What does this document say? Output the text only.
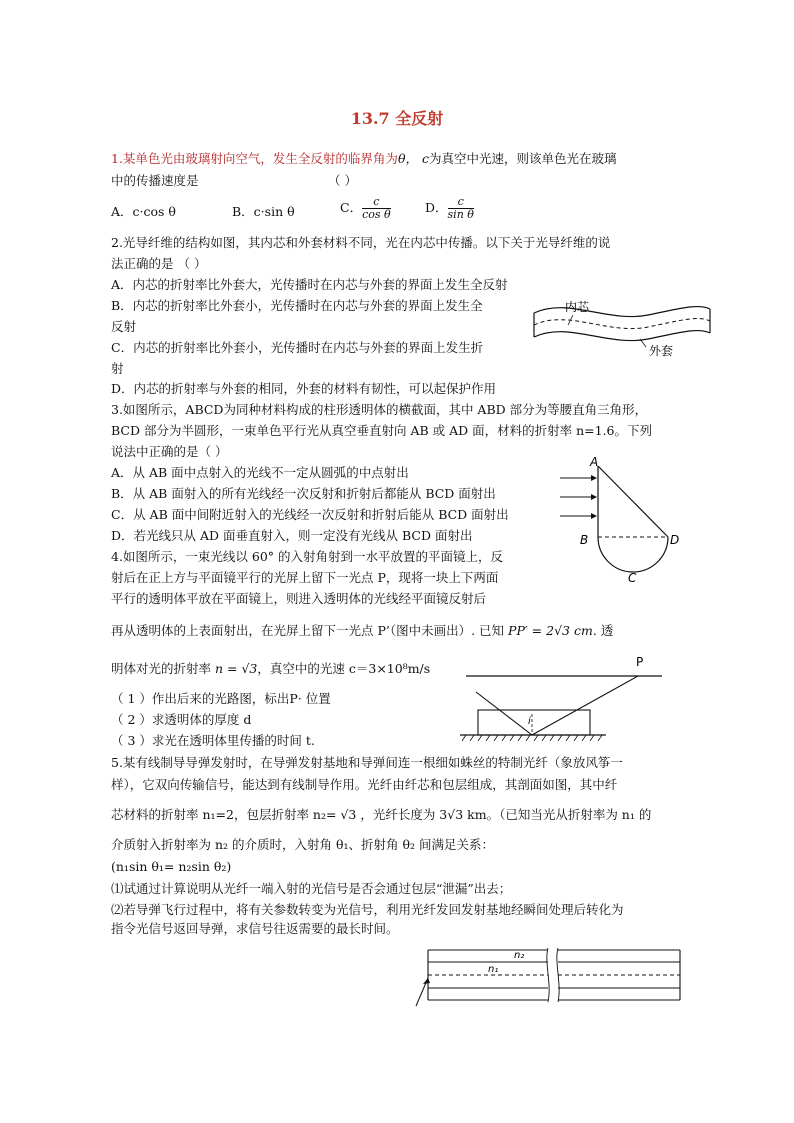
13.7 全反射
1.某单色光由玻璃射向空气，发生全反射的临界角为θ， c为真空中光速，则该单色光在玻璃
中的传播速度是	（ ）
A．c·cos θ	B．c·sin θ	C． $\frac{c}{\text{cos θ}}$	D． $\frac{c}{\text{sin θ}}$
2.光导纤维的结构如图，其内芯和外套材料不同，光在内芯中传播。以下关于光导纤维的说
法正确的是 （ ）
A．内芯的折射率比外套大，光传播时在内芯与外套的界面上发生全反射
B．内芯的折射率比外套小，光传播时在内芯与外套的界面上发生全
反射
C．内芯的折射率比外套小，光传播时在内芯与外套的界面上发生折
射
D．内芯的折射率与外套的相同，外套的材料有韧性，可以起保护作用
内芯
外套
3.如图所示，ABCD为同种材料构成的柱形透明体的横截面，其中 ABD 部分为等腰直角三角形，
BCD 部分为半圆形，一束单色平行光从真空垂直射向 AB 或 AD 面，材料的折射率 n=1.6。下列
说法中正确的是（ ）
A．从 AB 面中点射入的光线不一定从圆弧的中点射出
B．从 AB 面射入的所有光线经一次反射和折射后都能从 BCD 面射出
C．从 AB 面中间附近射入的光线经一次反射和折射后能从 BCD 面射出
D．若光线只从 AD 面垂直射入，则一定没有光线从 BCD 面射出
A
B
C
D
4.如图所示，一束光线以 60° 的入射角射到一水平放置的平面镜上，反
射后在正上方与平面镜平行的光屏上留下一光点 P，现将一块上下两面
平行的透明体平放在平面镜上，则进入透明体的光线经平面镜反射后
再从透明体的上表面射出，在光屏上留下一光点 P’（图中未画出）. 已知 PP′ = 2√3 cm. 透
明体对光的折射率 n = √3，真空中的光速 c＝3×10⁸m/s
（ 1 ）作出后来的光路图，标出P· 位置
（ 2 ）求透明体的厚度 d
（ 3 ）求光在透明体里传播的时间 t.
P
i
5.某有线制导导弹发射时，在导弹发射基地和导弹间连一根细如蛛丝的特制光纤（象放风筝一
样），它双向传输信号，能达到有线制导作用。光纤由纤芯和包层组成，其剖面如图，其中纤
芯材料的折射率 n₁=2，包层折射率 n₂= √3 ，光纤长度为 3√3 km。（已知当光从折射率为 n₁ 的
介质射入折射率为 n₂ 的介质时，入射角 θ₁、折射角 θ₂ 间满足关系：
(n₁sin θ₁= n₂sin θ₂)
⑴试通过计算说明从光纤一端入射的光信号是否会通过包层“泄漏”出去；
⑵若导弹飞行过程中，将有关参数转变为光信号，利用光纤发回发射基地经瞬间处理后转化为
指令光信号返回导弹，求信号往返需要的最长时间。
n₂
n₁
